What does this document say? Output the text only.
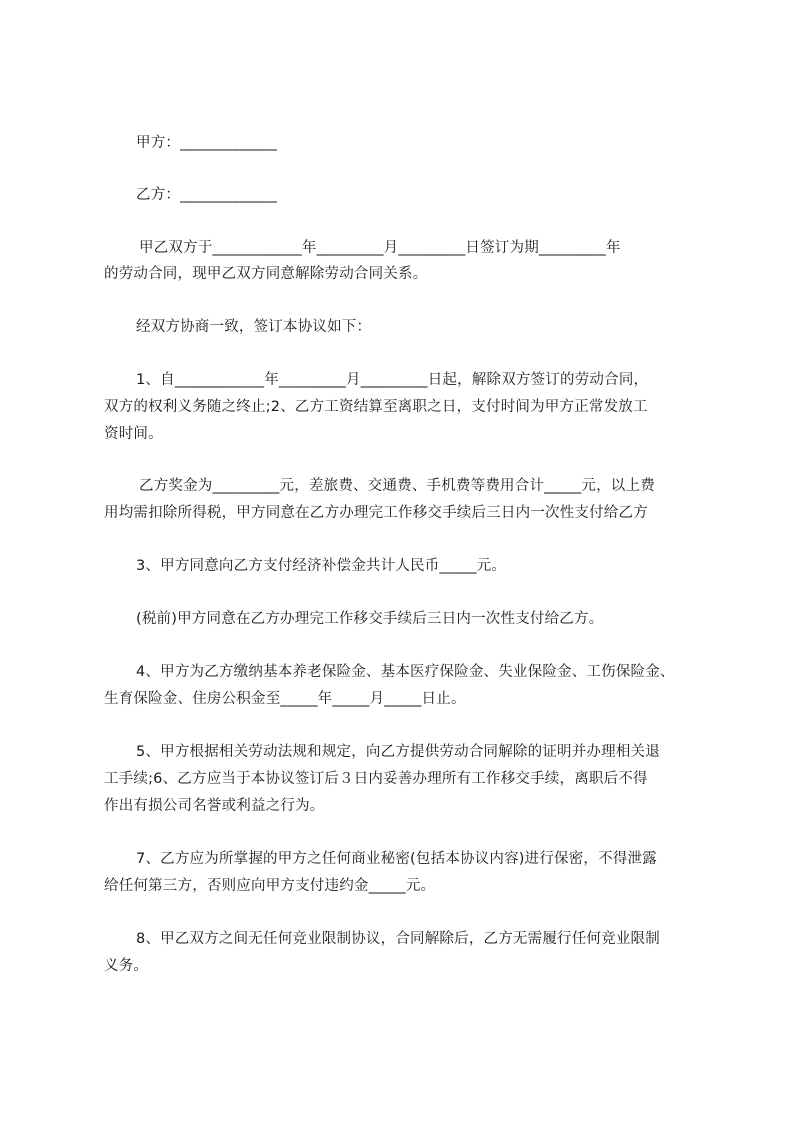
甲方：_____________
乙方：_____________
甲乙双方于____________年_________月_________日签订为期_________年
的劳动合同，现甲乙双方同意解除劳动合同关系。
经双方协商一致，签订本协议如下：
1、自____________年_________月_________日起，解除双方签订的劳动合同，
双方的权利义务随之终止;2、乙方工资结算至离职之日，支付时间为甲方正常发放工
资时间。
乙方奖金为_________元，差旅费、交通费、手机费等费用合计_____元，以上费
用均需扣除所得税，甲方同意在乙方办理完工作移交手续后三日内一次性支付给乙方
3、甲方同意向乙方支付经济补偿金共计人民币_____元。
(税前)甲方同意在乙方办理完工作移交手续后三日内一次性支付给乙方。
4、甲方为乙方缴纳基本养老保险金、基本医疗保险金、失业保险金、工伤保险金、
生育保险金、住房公积金至_____年_____月_____日止。
5、甲方根据相关劳动法规和规定，向乙方提供劳动合同解除的证明并办理相关退
工手续;6、乙方应当于本协议签订后３日内妥善办理所有工作移交手续，离职后不得
作出有损公司名誉或利益之行为。
7、乙方应为所掌握的甲方之任何商业秘密(包括本协议内容)进行保密，不得泄露
给任何第三方，否则应向甲方支付违约金_____元。
8、甲乙双方之间无任何竞业限制协议，合同解除后，乙方无需履行任何竞业限制
义务。
